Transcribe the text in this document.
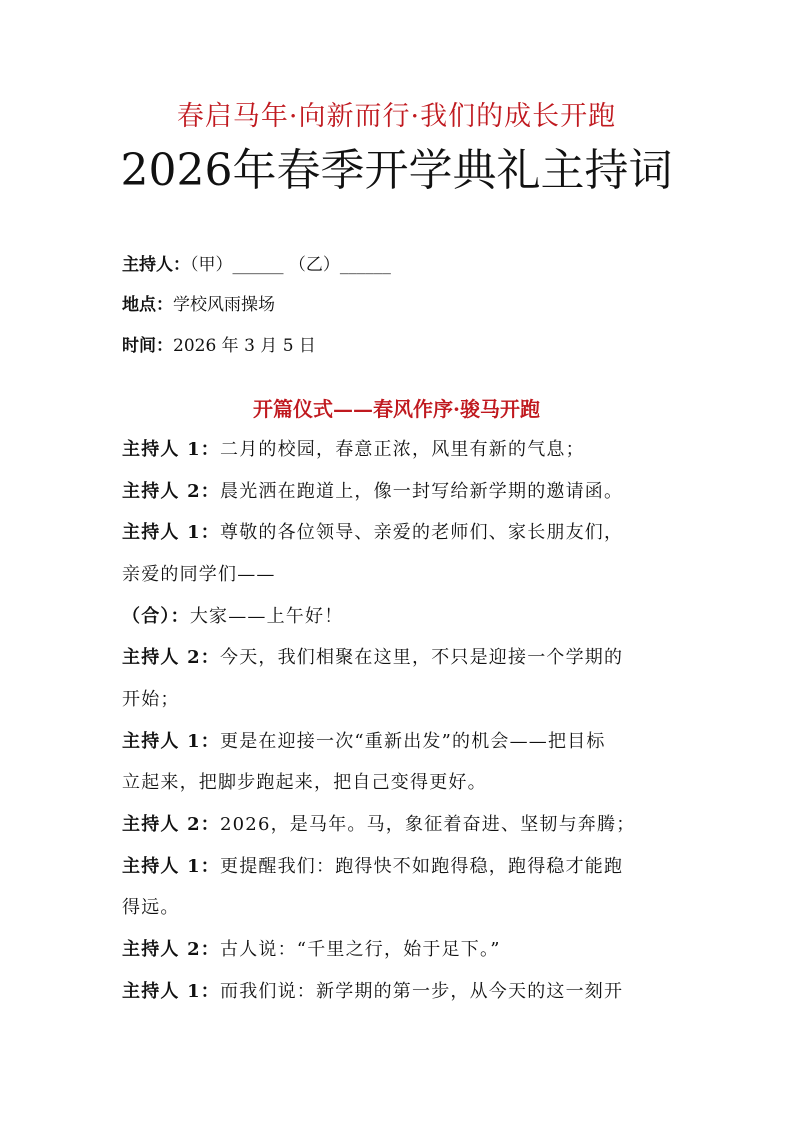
春启马年·向新而行·我们的成长开跑
2026年春季开学典礼主持词
主持人：（甲）______ （乙）______
地点：学校风雨操场
时间：2026 年 3 月 5 日
开篇仪式——春风作序·骏马开跑
主持人 1：二月的校园，春意正浓，风里有新的气息；
主持人 2：晨光洒在跑道上，像一封写给新学期的邀请函。
主持人 1：尊敬的各位领导、亲爱的老师们、家长朋友们，
亲爱的同学们——
（合）：大家——上午好！
主持人 2：今天，我们相聚在这里，不只是迎接一个学期的
开始；
主持人 1：更是在迎接一次“重新出发”的机会——把目标
立起来，把脚步跑起来，把自己变得更好。
主持人 2：2026，是马年。马，象征着奋进、坚韧与奔腾；
主持人 1：更提醒我们：跑得快不如跑得稳，跑得稳才能跑
得远。
主持人 2：古人说：“千里之行，始于足下。”
主持人 1：而我们说：新学期的第一步，从今天的这一刻开
